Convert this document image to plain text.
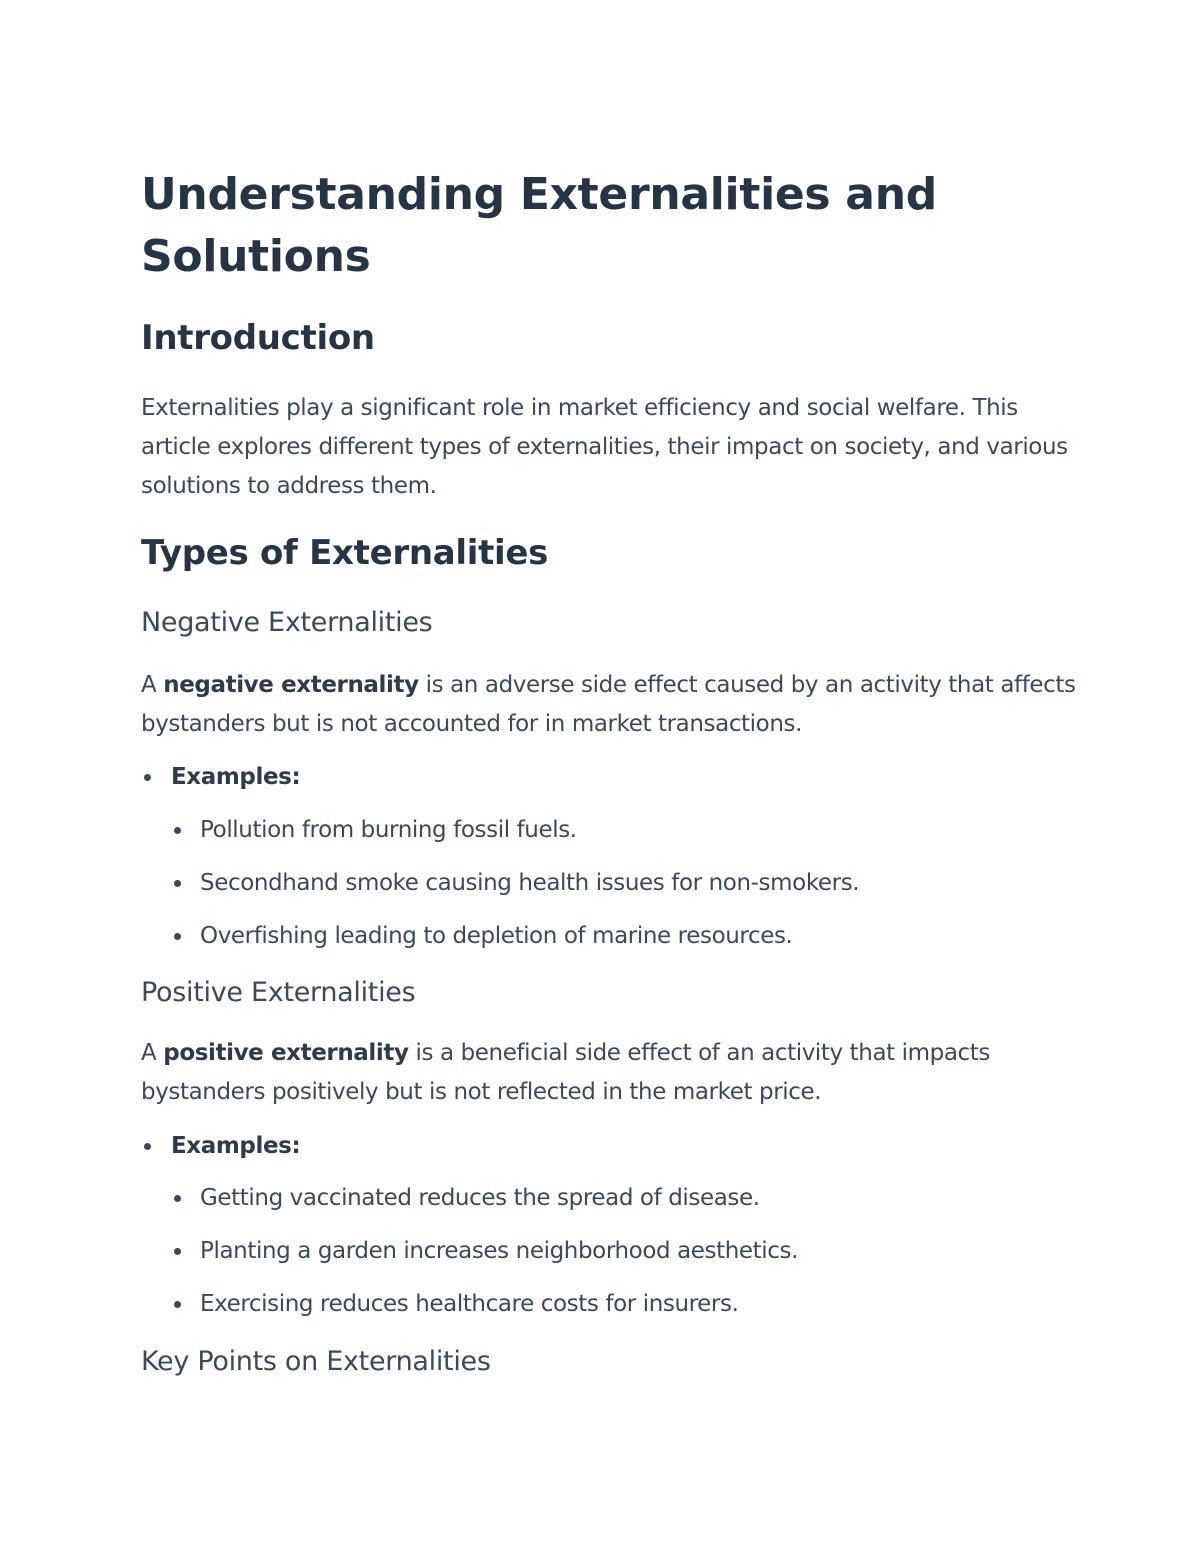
Understanding Externalities and Solutions
Introduction

Externalities play a significant role in market efficiency and social welfare. This article explores different types of externalities, their impact on society, and various solutions to address them.

Types of Externalities
Negative Externalities

A negative externality is an adverse side effect caused by an activity that affects bystanders but is not accounted for in market transactions.

Examples:
Pollution from burning fossil fuels.
Secondhand smoke causing health issues for non-smokers.
Overfishing leading to depletion of marine resources.
Positive Externalities

A positive externality is a beneficial side effect of an activity that impacts bystanders positively but is not reflected in the market price.

Examples:
Getting vaccinated reduces the spread of disease.
Planting a garden increases neighborhood aesthetics.
Exercising reduces healthcare costs for insurers.
Key Points on Externalities
